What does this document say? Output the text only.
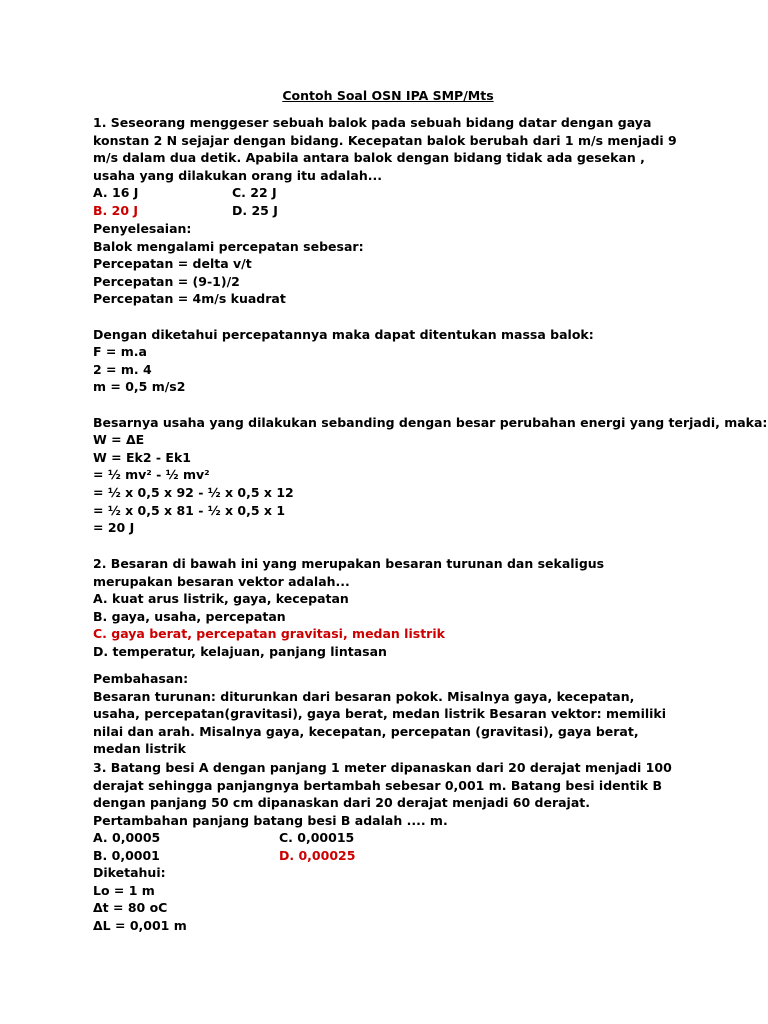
Contoh Soal OSN IPA SMP/Mts
1. Seseorang menggeser sebuah balok pada sebuah bidang datar dengan gaya konstan 2 N sejajar dengan bidang. Kecepatan balok berubah dari 1 m/s menjadi 9 m/s dalam dua detik. Apabila antara balok dengan bidang tidak ada gesekan , usaha yang dilakukan orang itu adalah...
A. 16 J	C. 22 J
B. 20 J	D. 25 J
Penyelesaian:
Balok mengalami percepatan sebesar:
Percepatan = delta v/t
Percepatan = (9-1)/2
Percepatan = 4m/s kuadrat
Dengan diketahui percepatannya maka dapat ditentukan massa balok:
F = m.a
2 = m. 4
m = 0,5 m/s2
Besarnya usaha yang dilakukan sebanding dengan besar perubahan energi yang terjadi, maka:
W = ΔE
W = Ek2 - Ek1
= ½ mv² - ½ mv²
= ½ x 0,5 x 92 - ½ x 0,5 x 12
= ½ x 0,5 x 81 - ½ x 0,5 x 1
= 20 J
2. Besaran di bawah ini yang merupakan besaran turunan dan sekaligus merupakan besaran vektor adalah...
A. kuat arus listrik, gaya, kecepatan
B. gaya, usaha, percepatan
C. gaya berat, percepatan gravitasi, medan listrik
D. temperatur, kelajuan, panjang lintasan
Pembahasan:
Besaran turunan: diturunkan dari besaran pokok. Misalnya gaya, kecepatan, usaha, percepatan(gravitasi), gaya berat, medan listrik Besaran vektor: memiliki nilai dan arah. Misalnya gaya, kecepatan, percepatan (gravitasi), gaya berat, medan listrik
3. Batang besi A dengan panjang 1 meter dipanaskan dari 20 derajat menjadi 100 derajat sehingga panjangnya bertambah sebesar 0,001 m. Batang besi identik B dengan panjang 50 cm dipanaskan dari 20 derajat menjadi 60 derajat. Pertambahan panjang batang besi B adalah .... m.
A. 0,0005	C. 0,00015
B. 0,0001	D. 0,00025
Diketahui:
Lo = 1 m
Δt = 80 oC
ΔL = 0,001 m
